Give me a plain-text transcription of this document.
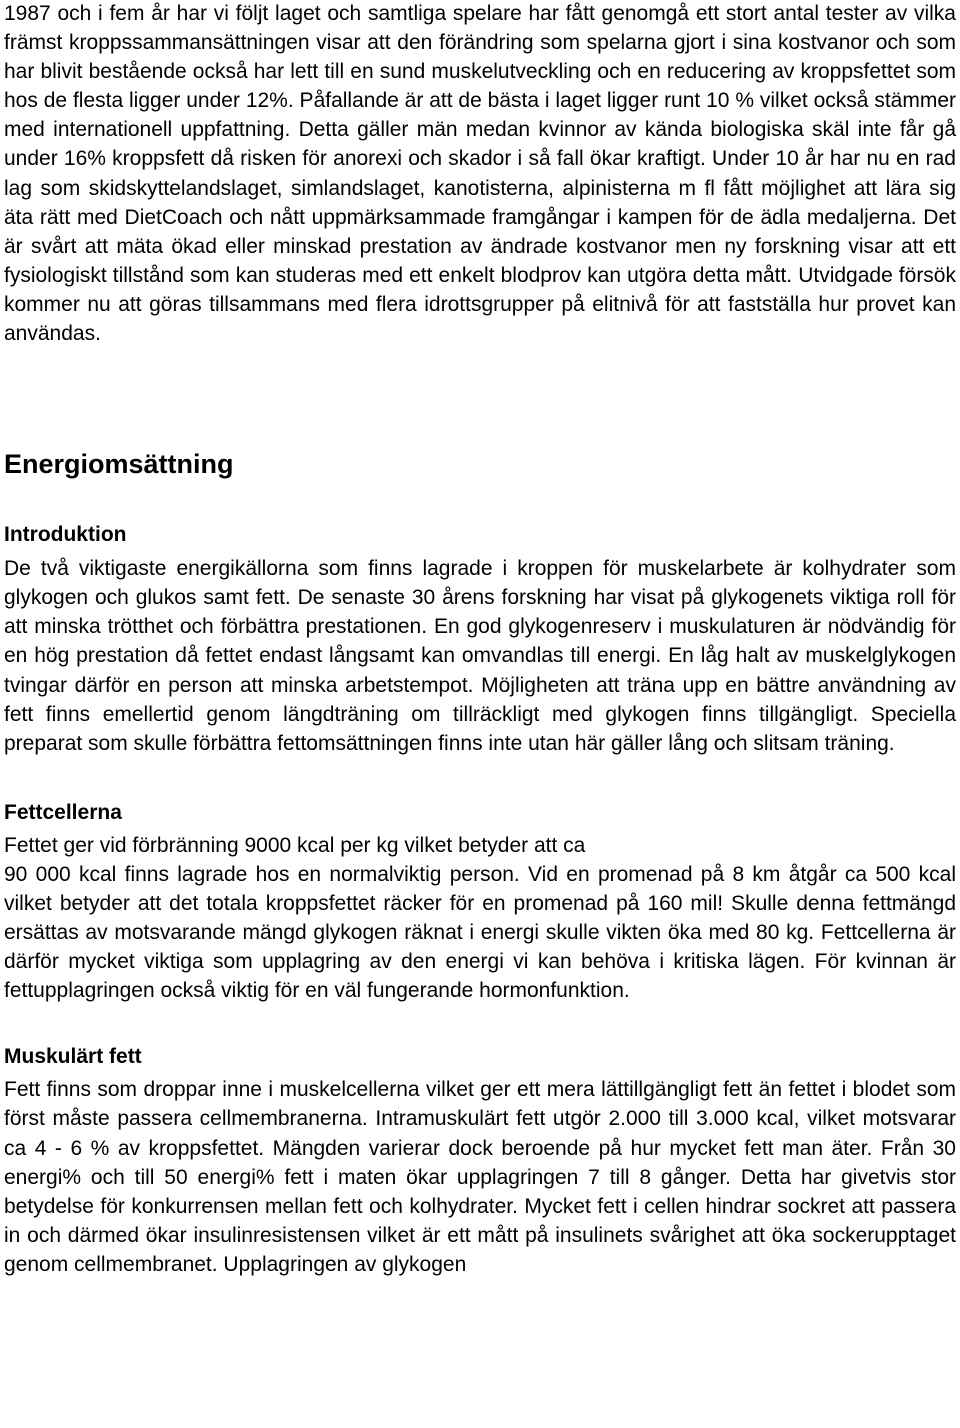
1987 och i fem år har vi följt laget och samtliga spelare har fått genomgå ett stort antal tester av vilka främst kroppssammansättningen visar att den förändring som spelarna gjort i sina kostvanor och som har blivit bestående också har lett till en sund muskelutveckling och en reducering av kroppsfettet som hos de flesta ligger under 12%. Påfallande är att de bästa i laget ligger runt 10 % vilket också stämmer med internationell uppfattning. Detta gäller män medan kvinnor av kända biologiska skäl inte får gå under 16% kroppsfett då risken för anorexi och skador i så fall ökar kraftigt. Under 10 år har nu en rad lag som skidskyttelandslaget, simlandslaget, kanotisterna, alpinisterna m fl fått möjlighet att lära sig äta rätt med DietCoach och nått uppmärksammade framgångar i kampen för de ädla medaljerna. Det är svårt att mäta ökad eller minskad prestation av ändrade kostvanor men ny forskning visar att ett fysiologiskt tillstånd som kan studeras med ett enkelt blodprov kan utgöra detta mått. Utvidgade försök kommer nu att göras tillsammans med flera idrottsgrupper på elitnivå för att fastställa hur provet kan användas.

Energiomsättning
Introduktion

De två viktigaste energikällorna som finns lagrade i kroppen för muskelarbete är kolhydrater som glykogen och glukos samt fett. De senaste 30 årens forskning har visat på glykogenets viktiga roll för att minska trötthet och förbättra prestationen. En god glykogenreserv i muskulaturen är nödvändig för en hög prestation då fettet endast långsamt kan omvandlas till energi. En låg halt av muskelglykogen tvingar därför en person att minska arbetstempot. Möjligheten att träna upp en bättre användning av fett finns emellertid genom längdträning om tillräckligt med glykogen finns tillgängligt. Speciella preparat som skulle förbättra fettomsättningen finns inte utan här gäller lång och slitsam träning.

Fettcellerna

Fettet ger vid förbränning 9000 kcal per kg vilket betyder att ca

90 000 kcal finns lagrade hos en normalviktig person. Vid en promenad på 8 km åtgår ca 500 kcal vilket betyder att det totala kroppsfettet räcker för en promenad på 160 mil! Skulle denna fettmängd ersättas av motsvarande mängd glykogen räknat i energi skulle vikten öka med 80 kg. Fettcellerna är därför mycket viktiga som upplagring av den energi vi kan behöva i kritiska lägen. För kvinnan är fettupplagringen också viktig för en väl fungerande hormonfunktion.

Muskulärt fett

Fett finns som droppar inne i muskelcellerna vilket ger ett mera lättillgängligt fett än fettet i blodet som först måste passera cellmembranerna. Intramuskulärt fett utgör 2.000 till 3.000 kcal, vilket motsvarar ca 4 - 6 % av kroppsfettet. Mängden varierar dock beroende på hur mycket fett man äter. Från 30 energi% och till 50 energi% fett i maten ökar upplagringen 7 till 8 gånger. Detta har givetvis stor betydelse för konkurrensen mellan fett och kolhydrater. Mycket fett i cellen hindrar sockret att passera in och därmed ökar insulinresistensen vilket är ett mått på insulinets svårighet att öka sockerupptaget genom cellmembranet. Upplagringen av glykogen
